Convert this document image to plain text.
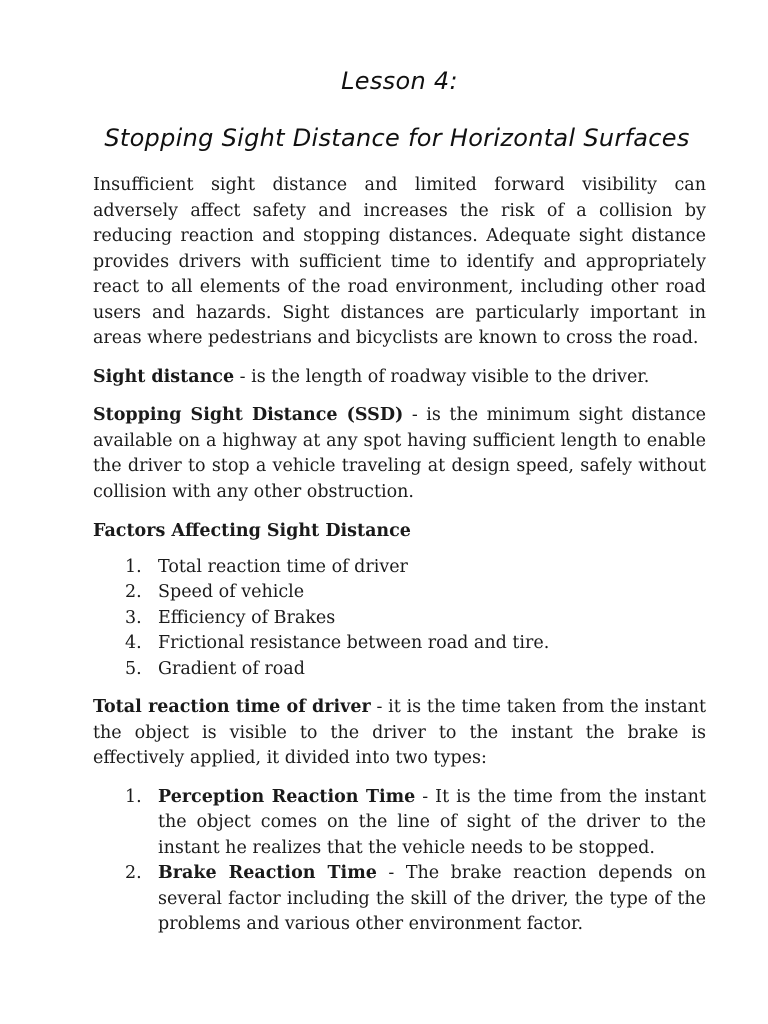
Lesson 4:
Stopping Sight Distance for Horizontal Surfaces

Insufficient sight distance and limited forward visibility can adversely affect safety and increases the risk of a collision by reducing reaction and stopping distances. Adequate sight distance provides drivers with sufficient time to identify and appropriately react to all elements of the road environment, including other road users and hazards. Sight distances are particularly important in areas where pedestrians and bicyclists are known to cross the road.

Sight distance - is the length of roadway visible to the driver.

Stopping Sight Distance (SSD) - is the minimum sight distance available on a highway at any spot having sufficient length to enable the driver to stop a vehicle traveling at design speed, safely without collision with any other obstruction.

Factors Affecting Sight Distance

1. Total reaction time of driver
2. Speed of vehicle
3. Efficiency of Brakes
4. Frictional resistance between road and tire.
5. Gradient of road

Total reaction time of driver - it is the time taken from the instant the object is visible to the driver to the instant the brake is effectively applied, it divided into two types:

1. Perception Reaction Time - It is the time from the instant the object comes on the line of sight of the driver to the instant he realizes that the vehicle needs to be stopped.
2. Brake Reaction Time - The brake reaction depends on several factor including the skill of the driver, the type of the problems and various other environment factor.
